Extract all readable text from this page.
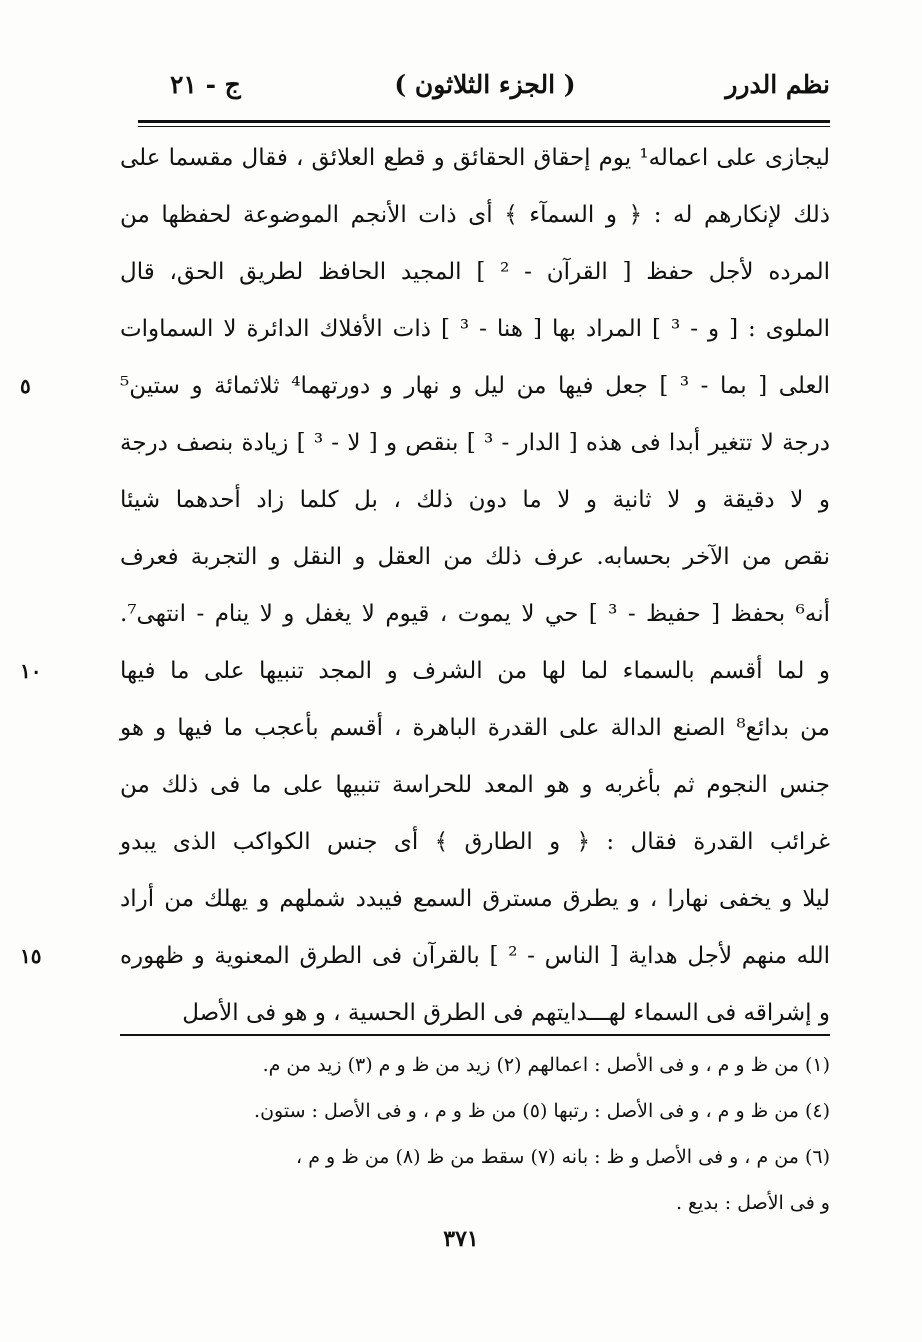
نظم الدرر
( الجزء الثلاثون )
ج - ٢١
ليجازى على اعماله¹ يوم إحقاق الحقائق و قطع العلائق ، فقال مقسما على
ذلك لإنكارهم له : ﴿ و السمآء ﴾ أى ذات الأنجم الموضوعة لحفظها من
المرده لأجل حفظ [ القرآن - ² ] المجيد الحافظ لطريق الحق، قال
الملوى : [ و - ³ ] المراد بها [ هنا - ³ ] ذات الأفلاك الدائرة لا السماوات
العلى [ بما - ³ ] جعل فيها من ليل و نهار و دورتهما⁴ ثلاثمائة و ستين⁵
٥
درجة لا تتغير أبدا فى هذه [ الدار - ³ ] بنقص و [ لا - ³ ] زيادة بنصف درجة
و لا دقيقة و لا ثانية و لا ما دون ذلك ، بل كلما زاد أحدهما شيئا
نقص من الآخر بحسابه. عرف ذلك من العقل و النقل و التجربة فعرف
أنه⁶ بحفظ [ حفيظ - ³ ] حي لا يموت ، قيوم لا يغفل و لا ينام - انتهى⁷.
و لما أقسم بالسماء لما لها من الشرف و المجد تنبيها على ما فيها
١٠
من بدائع⁸ الصنع الدالة على القدرة الباهرة ، أقسم بأعجب ما فيها و هو
جنس النجوم ثم بأغربه و هو المعد للحراسة تنبيها على ما فى ذلك من
غرائب القدرة فقال : ﴿ و الطارق ﴾ أى جنس الكواكب الذى يبدو
ليلا و يخفى نهارا ، و يطرق مسترق السمع فيبدد شملهم و يهلك من أراد
الله منهم لأجل هداية [ الناس - ² ] بالقرآن فى الطرق المعنوية و ظهوره
١٥
و إشراقه فى السماء لهـــدايتهم فى الطرق الحسية ، و هو فى الأصل
(١) من ظ و م ، و فى الأصل : اعمالهم (٢) زيد من ظ و م (٣) زيد من م.
(٤) من ظ و م ، و فى الأصل : رتبها (٥) من ظ و م ، و فى الأصل : ستون.
(٦) من م ، و فى الأصل و ظ : بانه (٧) سقط من ظ (٨) من ظ و م ،
و فى الأصل : بديع .
٣٧١
